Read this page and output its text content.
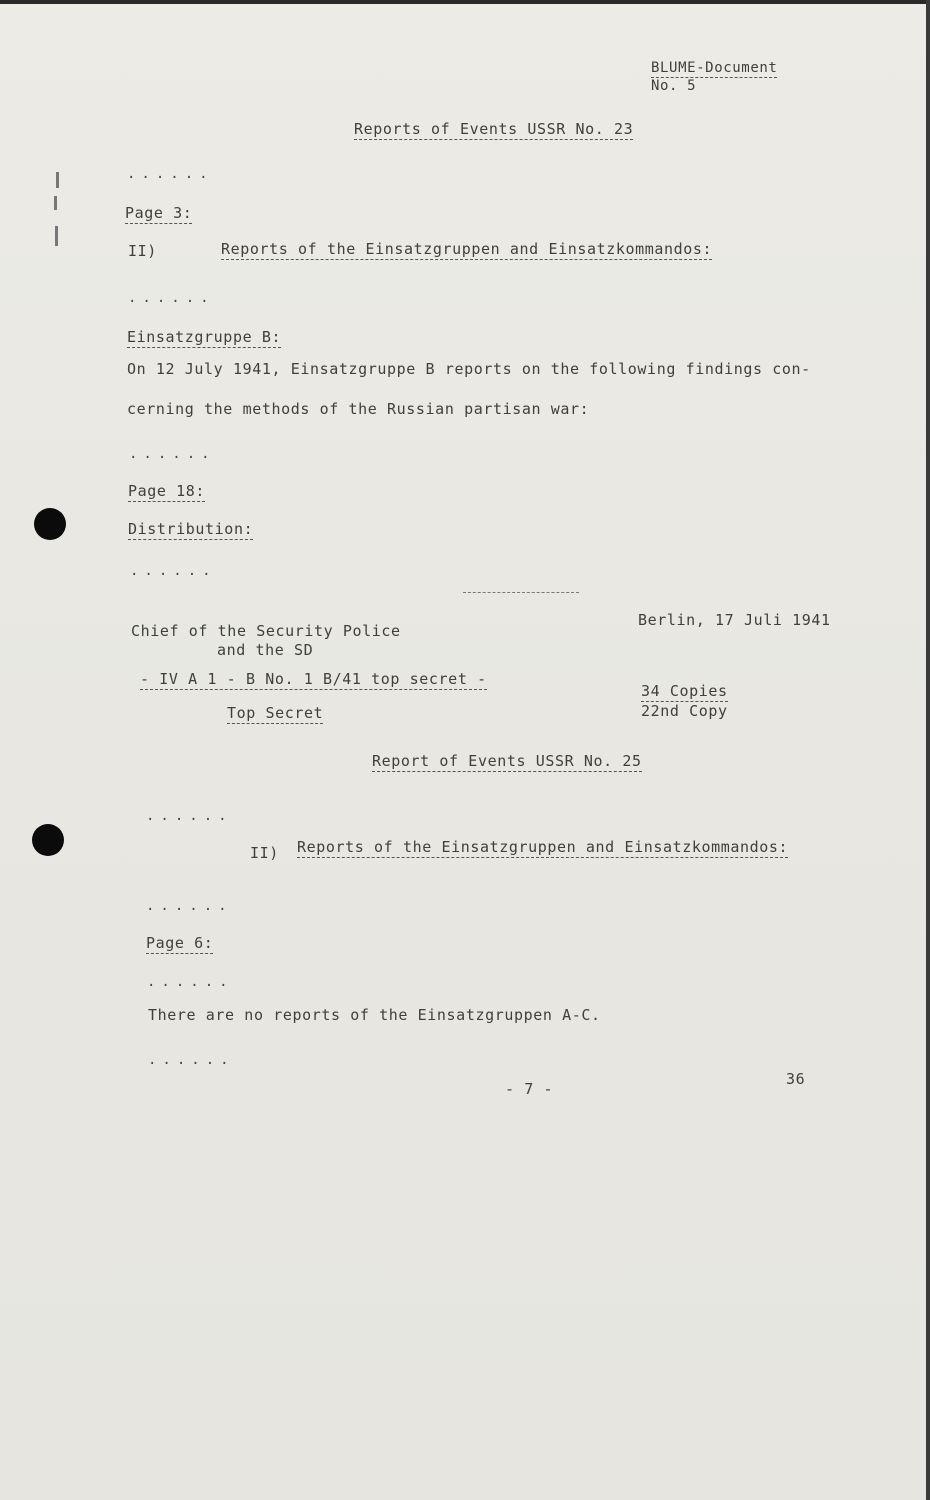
BLUME-Document
No. 5
Reports of Events USSR No. 23
......
Page 3:
II)	Reports of the Einsatzgruppen and Einsatzkommandos:
......
Einsatzgruppe B:
On 12 July 1941, Einsatzgruppe B reports on the following findings con-
cerning the methods of the Russian partisan war:
......
Page 18:
Distribution:
......
Chief of the Security Police
and the SD
Berlin, 17 Juli 1941
- IV A 1 - B No. 1 B/41 top secret -
34 Copies
22nd Copy
Top Secret
Report of Events USSR No. 25
......
II) Reports of the Einsatzgruppen and Einsatzkommandos:
......
Page 6:
......
There are no reports of the Einsatzgruppen A-C.
......
- 7 -
36
